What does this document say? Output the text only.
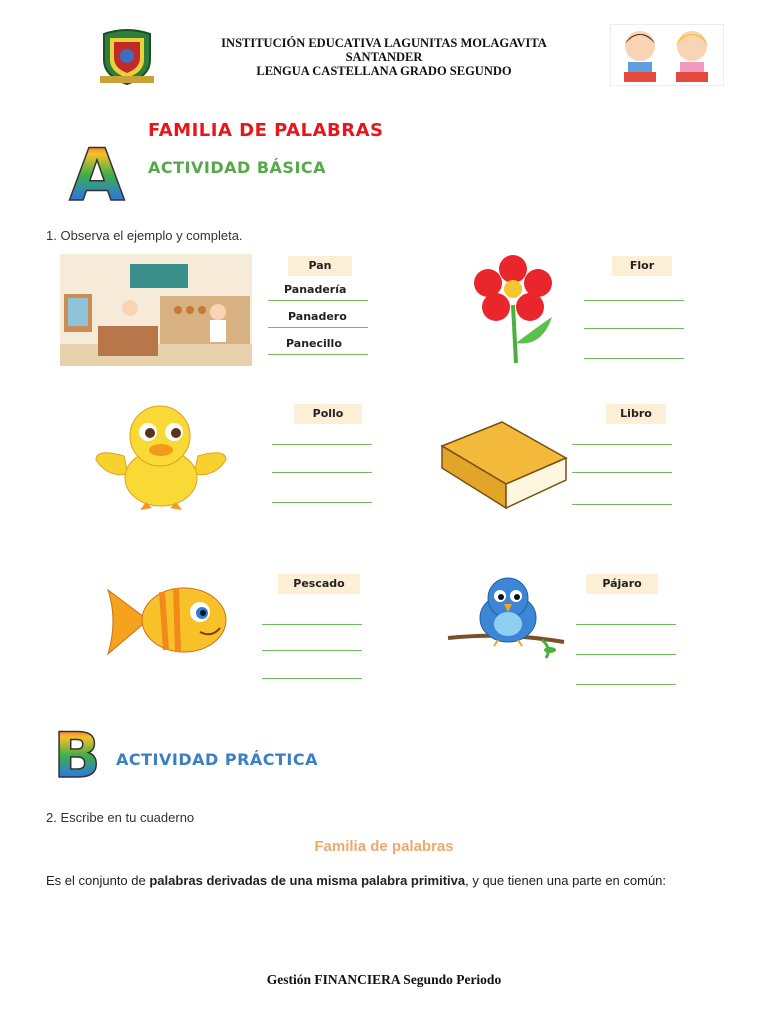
INSTITUCIÓN EDUCATIVA LAGUNITAS MOLAGAVITA
SANTANDER
LENGUA CASTELLANA GRADO SEGUNDO
FAMILIA DE PALABRAS
A ACTIVIDAD BÁSICA
1. Observa el ejemplo y completa.
Pan
Panadería
Panadero
Panecillo
Flor
Pollo	Libro
Pescado	Pájaro
B ACTIVIDAD PRÁCTICA
2. Escribe en tu cuaderno
Familia de palabras
Es el conjunto de palabras derivadas de una misma palabra primitiva, y que tienen una parte en común:
Gestión FINANCIERA Segundo Periodo
